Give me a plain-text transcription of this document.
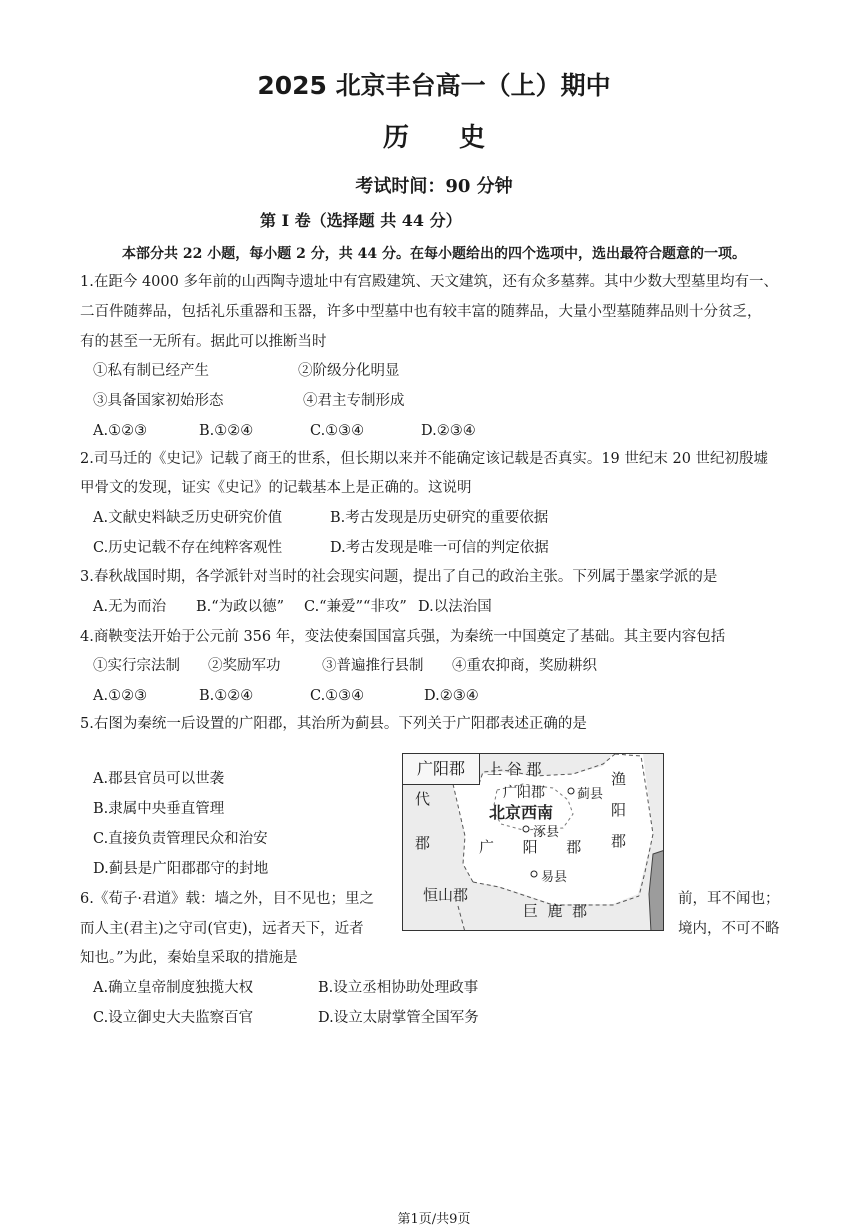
2025 北京丰台高一（上）期中
历史
考试时间：90 分钟
第 I 卷（选择题 共 44 分）
本部分共 22 小题，每小题 2 分，共 44 分。在每小题给出的四个选项中，选出最符合题意的一项。
1.在距今 4000 多年前的山西陶寺遗址中有宫殿建筑、天文建筑，还有众多墓葬。其中少数大型墓里均有一、
二百件随葬品，包括礼乐重器和玉器，许多中型墓中也有较丰富的随葬品，大量小型墓随葬品则十分贫乏，
有的甚至一无所有。据此可以推断当时
①私有制已经产生	②阶级分化明显
③具备国家初始形态	④君主专制形成
A.①②③	B.①②④	C.①③④	D.②③④
2.司马迁的《史记》记载了商王的世系，但长期以来并不能确定该记载是否真实。19 世纪末 20 世纪初殷墟
甲骨文的发现，证实《史记》的记载基本上是正确的。这说明
A.文献史料缺乏历史研究价值	B.考古发现是历史研究的重要依据
C.历史记载不存在纯粹客观性	D.考古发现是唯一可信的判定依据
3.春秋战国时期，各学派针对当时的社会现实问题，提出了自己的政治主张。下列属于墨家学派的是
A.无为而治 B.“为政以德” C.“兼爱”“非攻” D.以法治国
4.商鞅变法开始于公元前 356 年，变法使秦国国富兵强，为秦统一中国奠定了基础。其主要内容包括
①实行宗法制 ②奖励军功	③普遍推行县制 ④重农抑商，奖励耕织
A.①②③	B.①②④	C.①③④	D.②③④
5.右图为秦统一后设置的广阳郡，其治所为蓟县。下列关于广阳郡表述正确的是
A.郡县官员可以世袭
B.隶属中央垂直管理
C.直接负责管理民众和治安
D.蓟县是广阳郡郡守的封地
广阳郡	上 谷 郡
渔
阳
郡
代

郡
广阳郡 蓟县
北京西南
涿县
广      阳      郡
易县
恒山郡
巨  鹿  郡
6.《荀子·君道》载：墙之外，目不见也；里之	前，耳不闻也；
而人主(君主)之守司(官吏)，远者天下，近者	境内，不可不略
知也。”为此，秦始皇采取的措施是
A.确立皇帝制度独揽大权	B.设立丞相协助处理政事
C.设立御史大夫监察百官	D.设立太尉掌管全国军务
第1页/共9页
